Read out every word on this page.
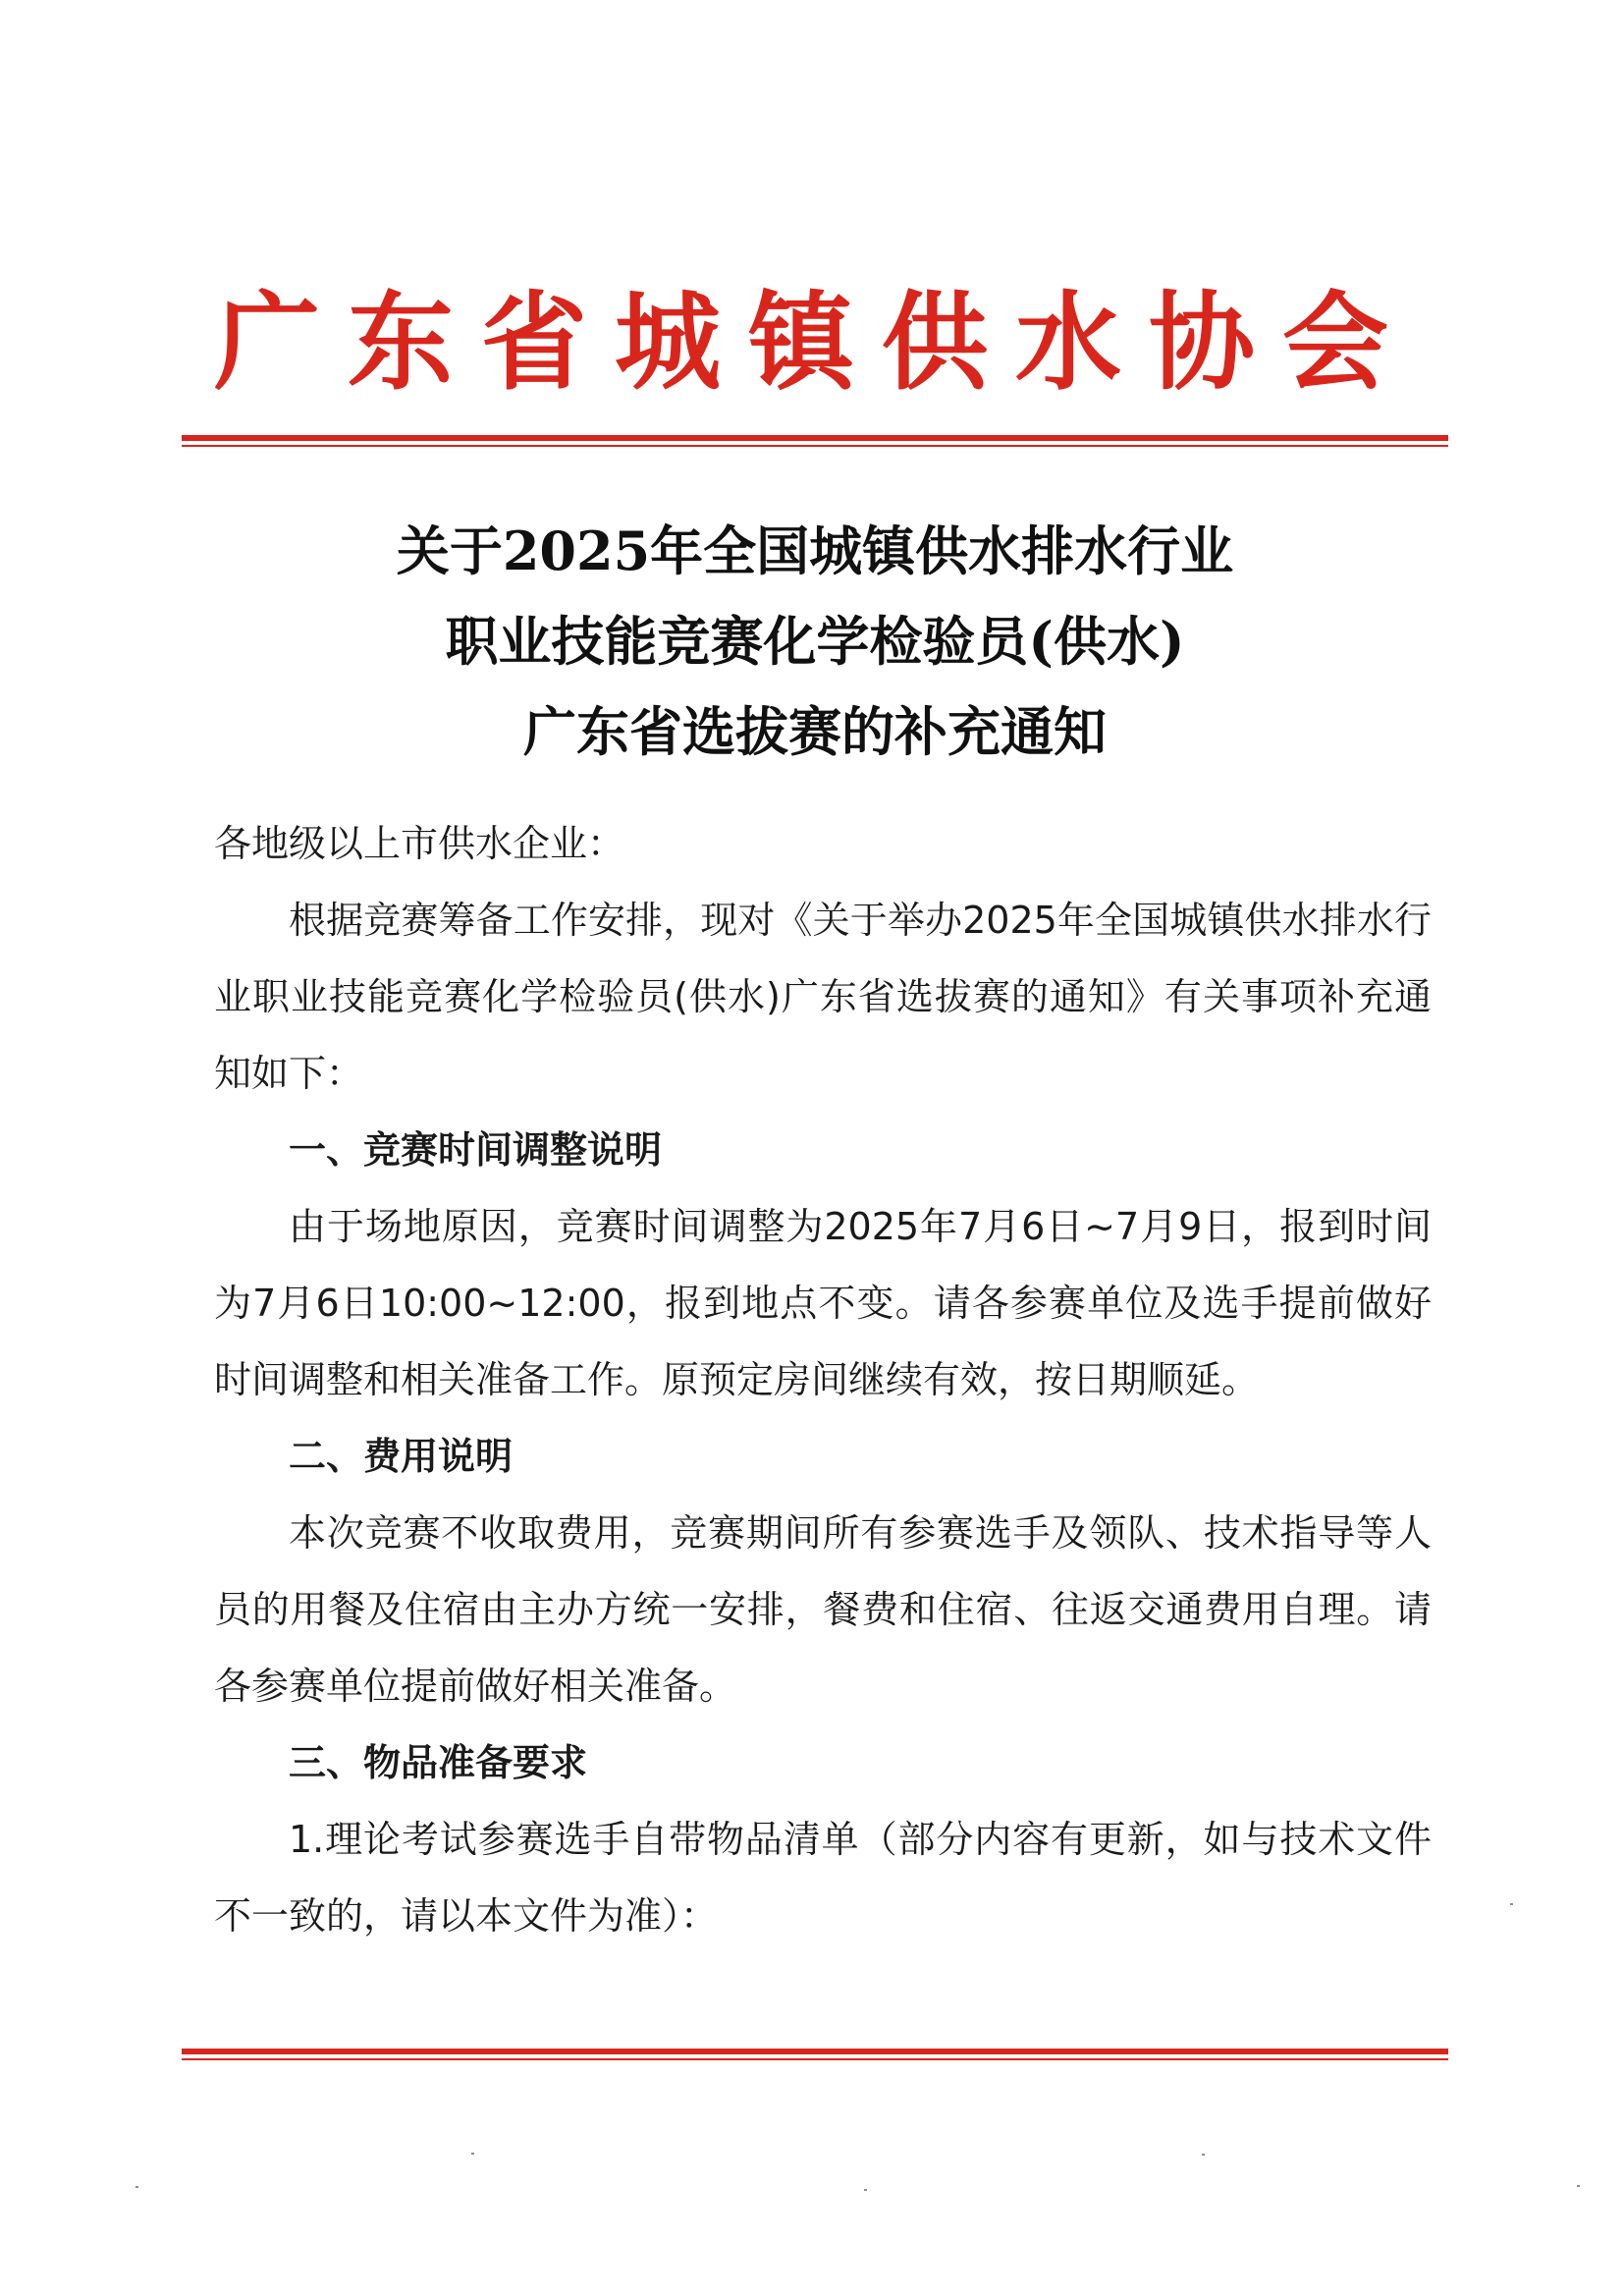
广东省城镇供水协会
关于2025年全国城镇供水排水行业
职业技能竞赛化学检验员(供水)
广东省选拔赛的补充通知

各地级以上市供水企业：

根据竞赛筹备工作安排，现对《关于举办2025年全国城镇供水排水行业职业技能竞赛化学检验员(供水)广东省选拔赛的通知》有关事项补充通知如下：

一、竞赛时间调整说明

由于场地原因，竞赛时间调整为2025年7月6日~7月9日，报到时间为7月6日10:00~12:00，报到地点不变。请各参赛单位及选手提前做好时间调整和相关准备工作。原预定房间继续有效，按日期顺延。

二、费用说明

本次竞赛不收取费用，竞赛期间所有参赛选手及领队、技术指导等人员的用餐及住宿由主办方统一安排，餐费和住宿、往返交通费用自理。请各参赛单位提前做好相关准备。

三、物品准备要求

1.理论考试参赛选手自带物品清单（部分内容有更新，如与技术文件不一致的，请以本文件为准）：
